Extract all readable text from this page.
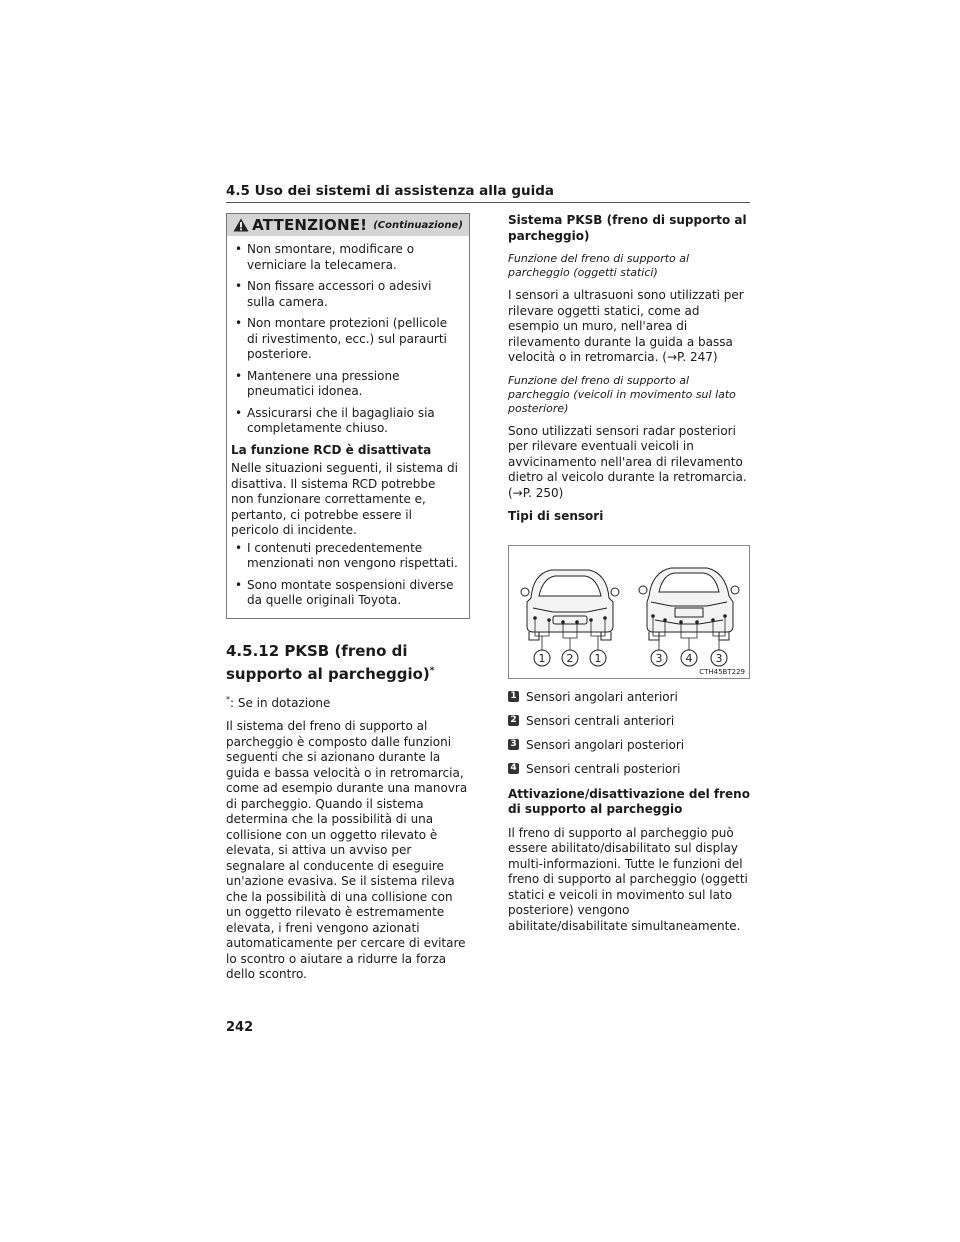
4.5 Uso dei sistemi di assistenza alla guida
ATTENZIONE! (Continuazione)
• Non smontare, modificare o verniciare la telecamera.
• Non fissare accessori o adesivi sulla camera.
• Non montare protezioni (pellicole di rivestimento, ecc.) sul paraurti posteriore.
• Mantenere una pressione pneumatici idonea.
• Assicurarsi che il bagagliaio sia completamente chiuso.
La funzione RCD è disattivata
Nelle situazioni seguenti, il sistema di disattiva. Il sistema RCD potrebbe non funzionare correttamente e, pertanto, ci potrebbe essere il pericolo di incidente.
• I contenuti precedentemente menzionati non vengono rispettati.
• Sono montate sospensioni diverse da quelle originali Toyota.
4.5.12 PKSB (freno di supporto al parcheggio)*
*: Se in dotazione
Il sistema del freno di supporto al parcheggio è composto dalle funzioni seguenti che si azionano durante la guida e bassa velocità o in retromarcia, come ad esempio durante una manovra di parcheggio. Quando il sistema determina che la possibilità di una collisione con un oggetto rilevato è elevata, si attiva un avviso per segnalare al conducente di eseguire un'azione evasiva. Se il sistema rileva che la possibilità di una collisione con un oggetto rilevato è estremamente elevata, i freni vengono azionati automaticamente per cercare di evitare lo scontro o aiutare a ridurre la forza dello scontro.
Sistema PKSB (freno di supporto al parcheggio)
Funzione del freno di supporto al parcheggio (oggetti statici)
I sensori a ultrasuoni sono utilizzati per rilevare oggetti statici, come ad esempio un muro, nell'area di rilevamento durante la guida a bassa velocità o in retromarcia. (→P. 247)
Funzione del freno di supporto al parcheggio (veicoli in movimento sul lato posteriore)
Sono utilizzati sensori radar posteriori per rilevare eventuali veicoli in avvicinamento nell'area di rilevamento dietro al veicolo durante la retromarcia. (→P. 250)
Tipi di sensori
1 2 1	3 4 3
CTH45BT229
1 Sensori angolari anteriori
2 Sensori centrali anteriori
3 Sensori angolari posteriori
4 Sensori centrali posteriori
Attivazione/disattivazione del freno di supporto al parcheggio
Il freno di supporto al parcheggio può essere abilitato/disabilitato sul display multi-informazioni. Tutte le funzioni del freno di supporto al parcheggio (oggetti statici e veicoli in movimento sul lato posteriore) vengono abilitate/disabilitate simultaneamente.
242
